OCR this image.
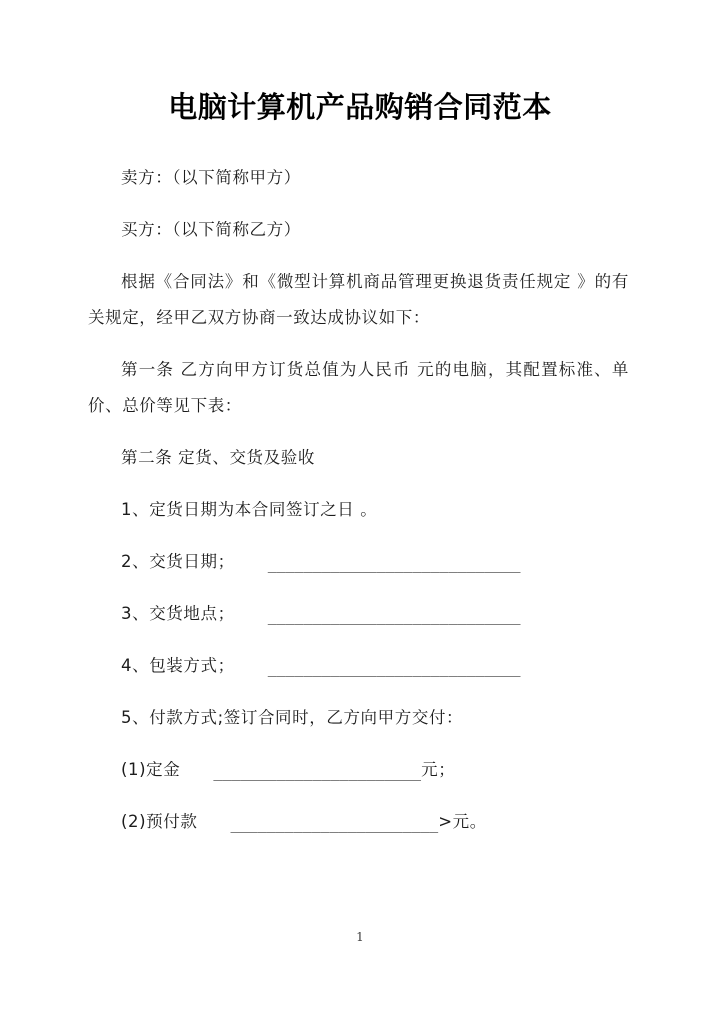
电脑计算机产品购销合同范本

卖方：（以下简称甲方）

买方：（以下简称乙方）

根据《合同法》和《微型计算机商品管理更换退货责任规定 》的有关规定，经甲乙双方协商一致达成协议如下：

第一条 乙方向甲方订货总值为人民币 元的电脑，其配置标准、单价、总价等见下表：

第二条 定货、交货及验收

1、定货日期为本合同签订之日 。

2、交货日期； ____________________________

3、交货地点； ____________________________

4、包装方式； ____________________________

5、付款方式;签订合同时，乙方向甲方交付：

(1)定金 _______________________元；

(2)预付款 _______________________>元。

1
